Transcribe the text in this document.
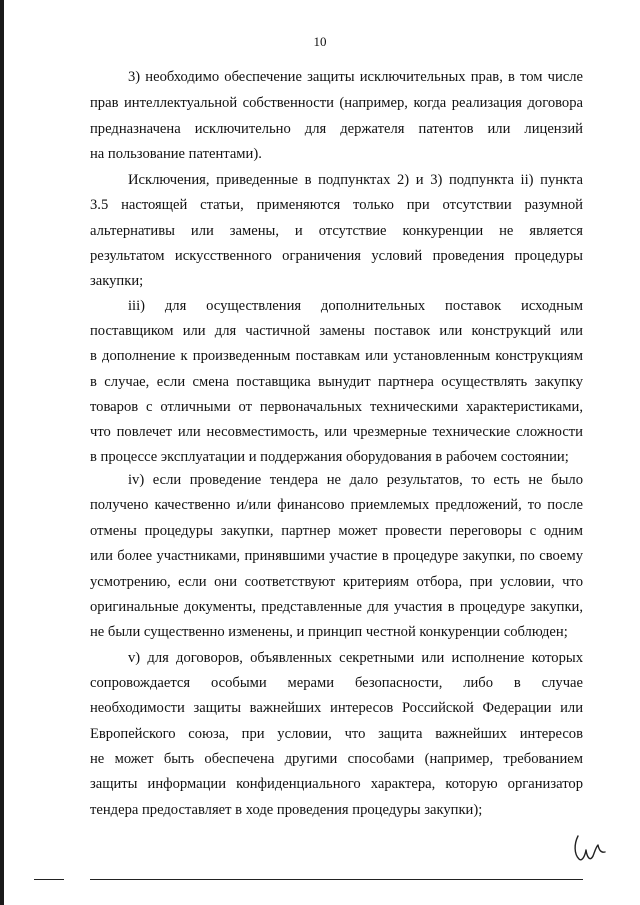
10
3) необходимо обеспечение защиты исключительных прав, в том числе
прав интеллектуальной собственности (например, когда реализация договора
предназначена исключительно для держателя патентов или лицензий
на пользование патентами).
Исключения, приведенные в подпунктах 2) и 3) подпункта ii) пункта
3.5 настоящей статьи, применяются только при отсутствии разумной
альтернативы или замены, и отсутствие конкуренции не является
результатом искусственного ограничения условий проведения процедуры
закупки;
iii) для осуществления дополнительных поставок исходным
поставщиком или для частичной замены поставок или конструкций или
в дополнение к произведенным поставкам или установленным конструкциям
в случае, если смена поставщика вынудит партнера осуществлять закупку
товаров с отличными от первоначальных техническими характеристиками,
что повлечет или несовместимость, или чрезмерные технические сложности
в процессе эксплуатации и поддержания оборудования в рабочем состоянии;
iv) если проведение тендера не дало результатов, то есть не было
получено качественно и/или финансово приемлемых предложений, то после
отмены процедуры закупки, партнер может провести переговоры с одним
или более участниками, принявшими участие в процедуре закупки, по своему
усмотрению, если они соответствуют критериям отбора, при условии, что
оригинальные документы, представленные для участия в процедуре закупки,
не были существенно изменены, и принцип честной конкуренции соблюден;
v) для договоров, объявленных секретными или исполнение которых
сопровождается особыми мерами безопасности, либо в случае
необходимости защиты важнейших интересов Российской Федерации или
Европейского союза, при условии, что защита важнейших интересов
не может быть обеспечена другими способами (например, требованием
защиты информации конфиденциального характера, которую организатор
тендера предоставляет в ходе проведения процедуры закупки);
